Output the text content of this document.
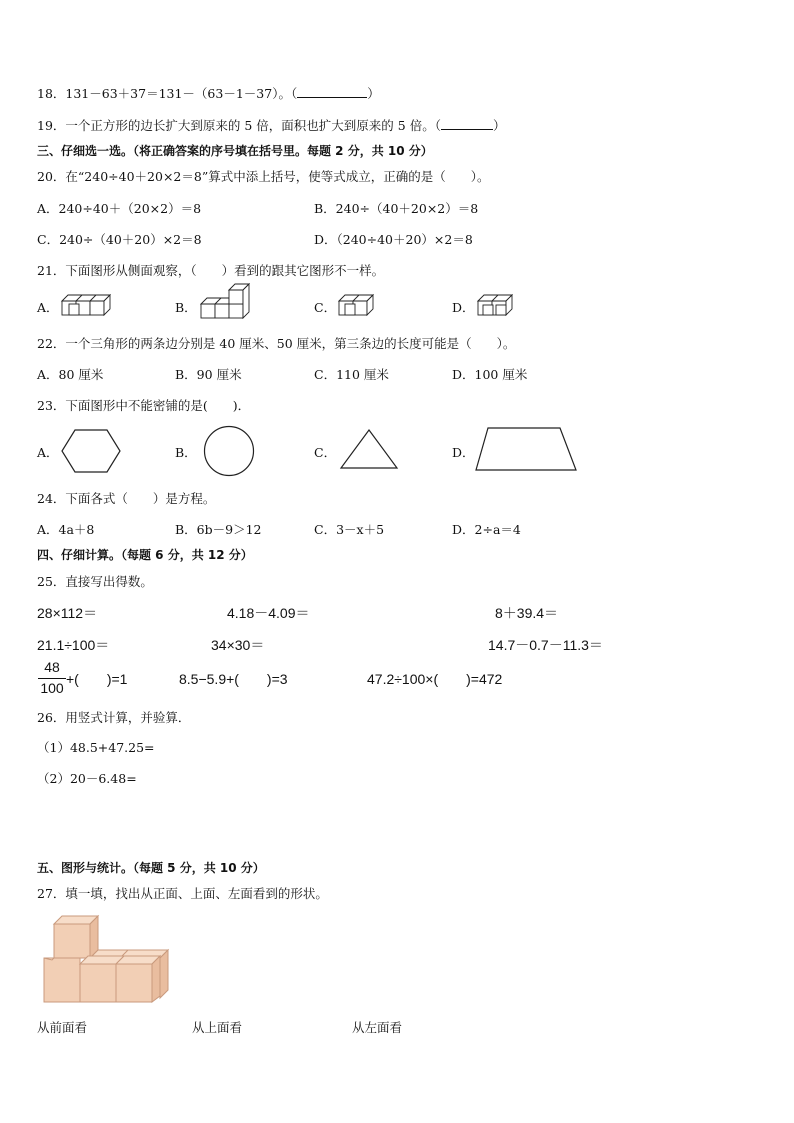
18．131－63＋37＝131－（63－1－37）。（	）
19．一个正方形的边长扩大到原来的 5 倍，面积也扩大到原来的 5 倍。（	）
三、仔细选一选。（将正确答案的序号填在括号里。每题 2 分，共 10 分）
20．在“240÷40＋20×2＝8”算式中添上括号，使等式成立，正确的是（　　）。
A．240÷40＋（20×2）＝8	B．240÷（40＋20×2）＝8
C．240÷（40＋20）×2＝8	D．（240÷40＋20）×2＝8
21．下面图形从侧面观察，（　　）看到的跟其它图形不一样。
A．	B．	C．	D．
22．一个三角形的两条边分别是 40 厘米、50 厘米，第三条边的长度可能是（　　）。
A．80 厘米	B．90 厘米	C．110 厘米	D．100 厘米
23．下面图形中不能密铺的是(　　)．
A．	B．	C．	D．
24．下面各式（　　）是方程。
A．4a＋8	B．6b－9＞12	C．3－x＋5	D．2÷a＝4
四、仔细计算。（每题 6 分，共 12 分）
25．直接写出得数。
28×112＝	4.18－4.09＝	8＋39.4＝
21.1÷100＝	34×30＝	14.7－0.7－11.3＝
48
100
+(　　)=1	8.5−5.9+(　　)=3	47.2÷100×(　　)=472
26．用竖式计算，并验算．
（1）48.5+47.25=
（2）20－6.48=
五、图形与统计。（每题 5 分，共 10 分）
27．填一填，找出从正面、上面、左面看到的形状。
从前面看	从上面看	从左面看
